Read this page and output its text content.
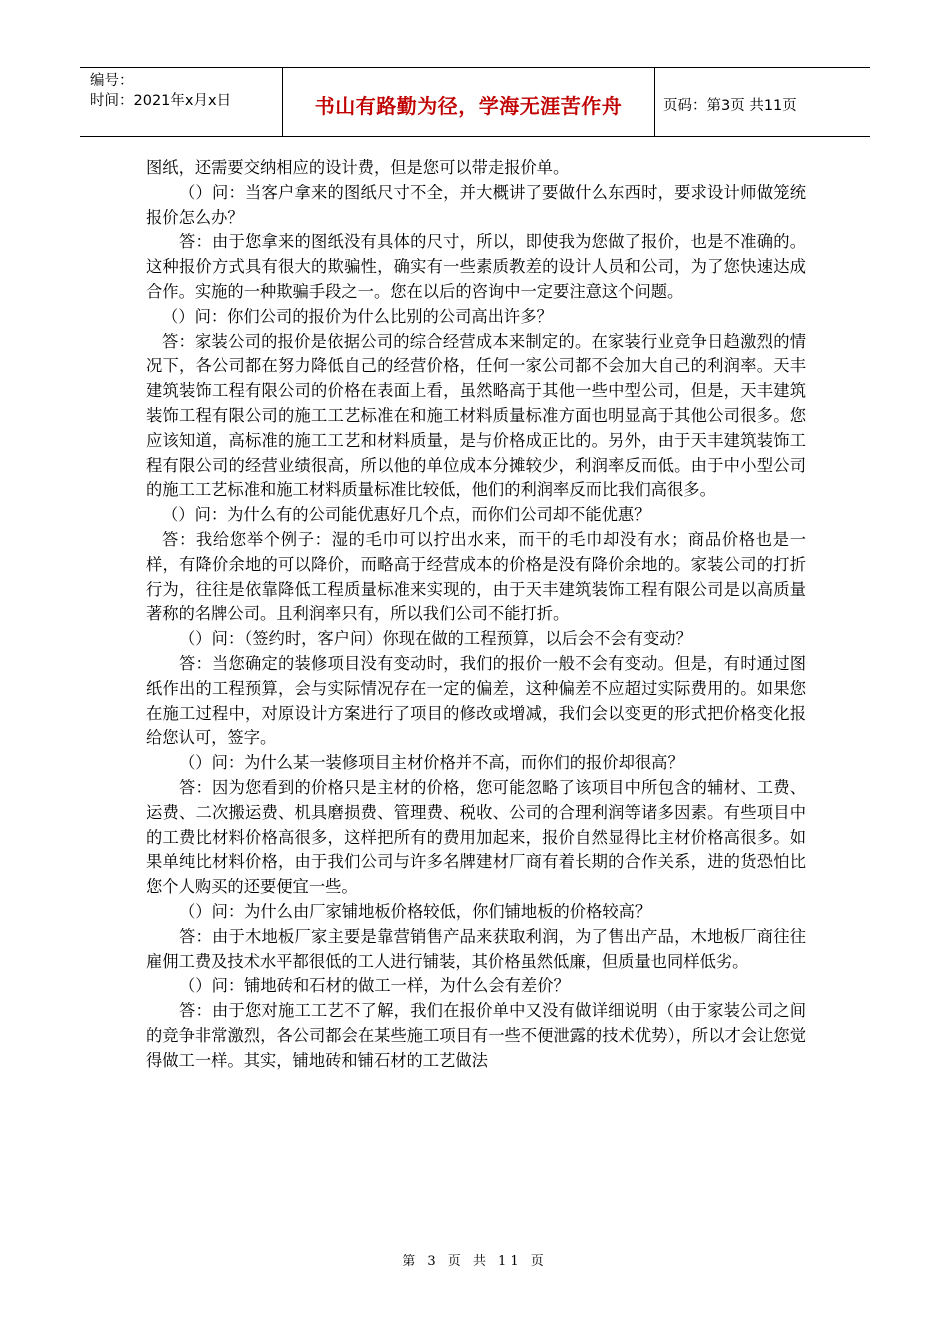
编号：
时间：2021年x月x日	书山有路勤为径，学海无涯苦作舟	页码：第3页 共11页

图纸，还需要交纳相应的设计费，但是您可以带走报价单。

（）问：当客户拿来的图纸尺寸不全，并大概讲了要做什么东西时，要求设计师做笼统报价怎么办？

答：由于您拿来的图纸没有具体的尺寸，所以，即使我为您做了报价，也是不准确的。这种报价方式具有很大的欺骗性，确实有一些素质教差的设计人员和公司，为了您快速达成合作。实施的一种欺骗手段之一。您在以后的咨询中一定要注意这个问题。

（）问：你们公司的报价为什么比别的公司高出许多？

答：家装公司的报价是依据公司的综合经营成本来制定的。在家装行业竞争日趋激烈的情况下，各公司都在努力降低自己的经营价格，任何一家公司都不会加大自己的利润率。天丰建筑装饰工程有限公司的价格在表面上看，虽然略高于其他一些中型公司，但是，天丰建筑装饰工程有限公司的施工工艺标准在和施工材料质量标准方面也明显高于其他公司很多。您应该知道，高标准的施工工艺和材料质量，是与价格成正比的。另外，由于天丰建筑装饰工程有限公司的经营业绩很高，所以他的单位成本分摊较少，利润率反而低。由于中小型公司的施工工艺标准和施工材料质量标准比较低，他们的利润率反而比我们高很多。

（）问：为什么有的公司能优惠好几个点，而你们公司却不能优惠？

答：我给您举个例子：湿的毛巾可以拧出水来，而干的毛巾却没有水；商品价格也是一样，有降价余地的可以降价，而略高于经营成本的价格是没有降价余地的。家装公司的打折行为，往往是依靠降低工程质量标准来实现的，由于天丰建筑装饰工程有限公司是以高质量著称的名牌公司。且利润率只有，所以我们公司不能打折。

（）问：（签约时，客户问）你现在做的工程预算，以后会不会有变动？

答：当您确定的装修项目没有变动时，我们的报价一般不会有变动。但是，有时通过图纸作出的工程预算，会与实际情况存在一定的偏差，这种偏差不应超过实际费用的。如果您在施工过程中，对原设计方案进行了项目的修改或增减，我们会以变更的形式把价格变化报给您认可，签字。

（）问：为什么某一装修项目主材价格并不高，而你们的报价却很高？

答：因为您看到的价格只是主材的价格，您可能忽略了该项目中所包含的辅材、工费、运费、二次搬运费、机具磨损费、管理费、税收、公司的合理利润等诸多因素。有些项目中的工费比材料价格高很多，这样把所有的费用加起来，报价自然显得比主材价格高很多。如果单纯比材料价格，由于我们公司与许多名牌建材厂商有着长期的合作关系，进的货恐怕比您个人购买的还要便宜一些。

（）问：为什么由厂家铺地板价格较低，你们铺地板的价格较高？

答：由于木地板厂家主要是靠营销售产品来获取利润，为了售出产品，木地板厂商往往雇佣工费及技术水平都很低的工人进行铺装，其价格虽然低廉，但质量也同样低劣。

（）问：铺地砖和石材的做工一样，为什么会有差价？

答：由于您对施工工艺不了解，我们在报价单中又没有做详细说明（由于家装公司之间的竞争非常激烈，各公司都会在某些施工项目有一些不便泄露的技术优势），所以才会让您觉得做工一样。其实，铺地砖和铺石材的工艺做法

第 3 页 共 11 页
